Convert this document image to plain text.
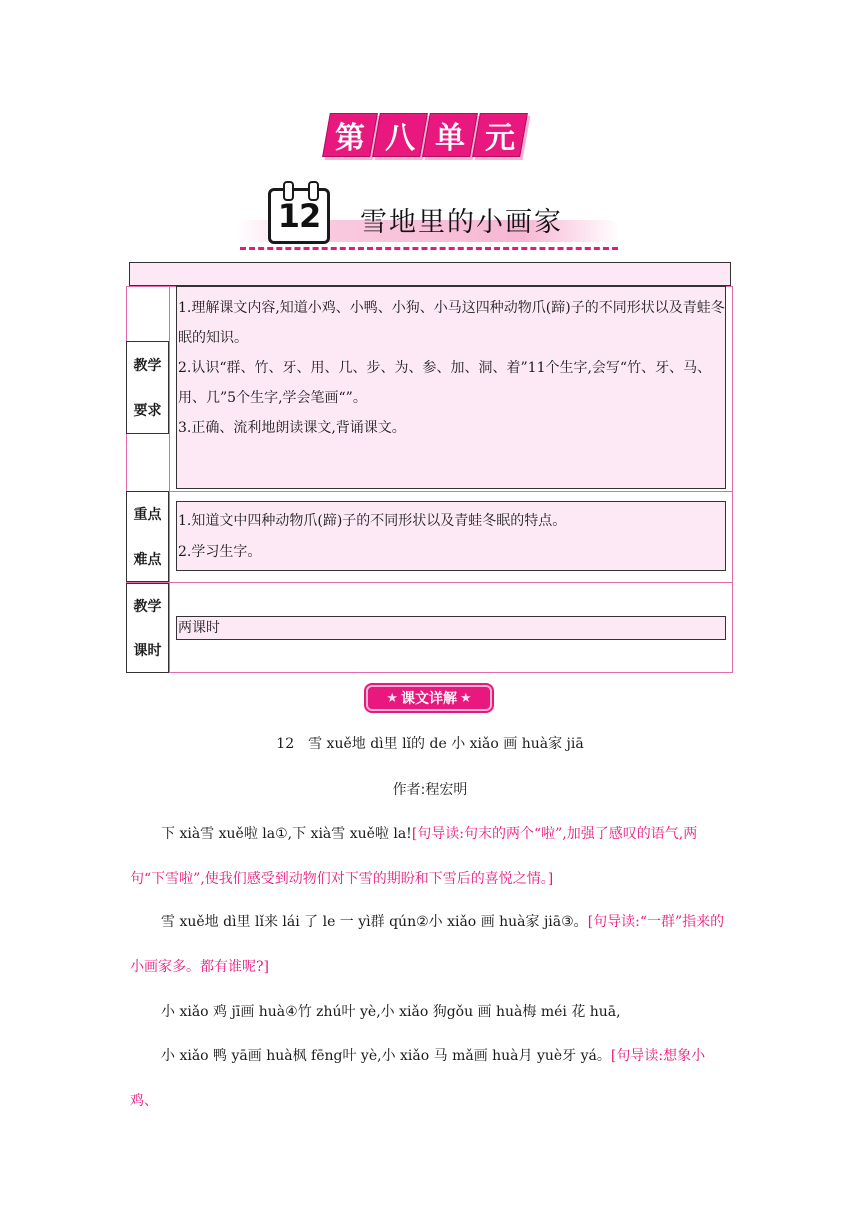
第 八 单 元
12 雪地里的小画家
教学
要求

1.理解课文内容,知道小鸡、小鸭、小狗、小马这四种动物爪(蹄)子的不同形状以及青蛙冬眠的知识。

2.认识“群、竹、牙、用、几、步、为、参、加、洞、着”11个生字,会写“竹、牙、马、用、几”5个生字,学会笔画“”。

3.正确、流利地朗读课文,背诵课文。

重点
难点

1.知道文中四种动物爪(蹄)子的不同形状以及青蛙冬眠的特点。

2.学习生字。

教学
课时

两课时

★ 课文详解 ★
12　雪 xuě地 dì里 lǐ的 de 小 xiǎo 画 huà家 jiā
作者:程宏明

下 xià雪 xuě啦 la①,下 xià雪 xuě啦 la![句导读:句末的两个“啦”,加强了感叹的语气,两句“下雪啦”,使我们感受到动物们对下雪的期盼和下雪后的喜悦之情。]

雪 xuě地 dì里 lǐ来 lái 了 le 一 yì群 qún②小 xiǎo 画 huà家 jiā③。[句导读:“一群”指来的小画家多。都有谁呢?]

小 xiǎo 鸡 jī画 huà④竹 zhú叶 yè,小 xiǎo 狗gǒu 画 huà梅 méi 花 huā,

小 xiǎo 鸭 yā画 huà枫 fēng叶 yè,小 xiǎo 马 mǎ画 huà月 yuè牙 yá。[句导读:想象小鸡、
